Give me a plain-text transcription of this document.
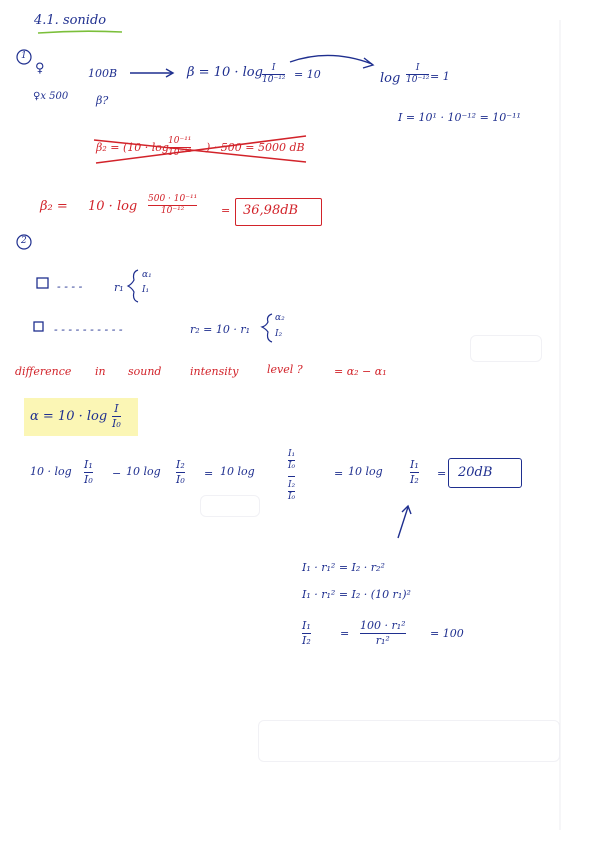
4.1. sonido
1
♀	100B	β = 10 · log I
10⁻¹² = 10	log
I
10⁻¹² = 1
♀x 500	β?
I = 10¹ · 10⁻¹² = 10⁻¹¹
β₂ = (10 · log 10⁻¹¹
10⁻¹² ) · 500 = 5000 dB
β₂ = 10 · log 500 · 10⁻¹¹
10⁻¹²	= 36,98dB
2
- - - -	r₁
α₁
I₁
- - - - - - - - - -	r₂ = 10 · r₁
α₂
I₂
difference in sound	intensity	level ?	= α₂ − α₁
α = 10 · log
I
I₀
10 · log
I₁
I₀ − 10 log
I₂
I₀ = 10 log
I₁
I₀
I₂
I₀
= 10 log
I₁
I₂ = 20dB
I₁ · r₁² = I₂ · r₂²
I₁ · r₁² = I₂ · (10 r₁)²
I₁
I₂
=
100 · r₁²
r₁²
= 100
